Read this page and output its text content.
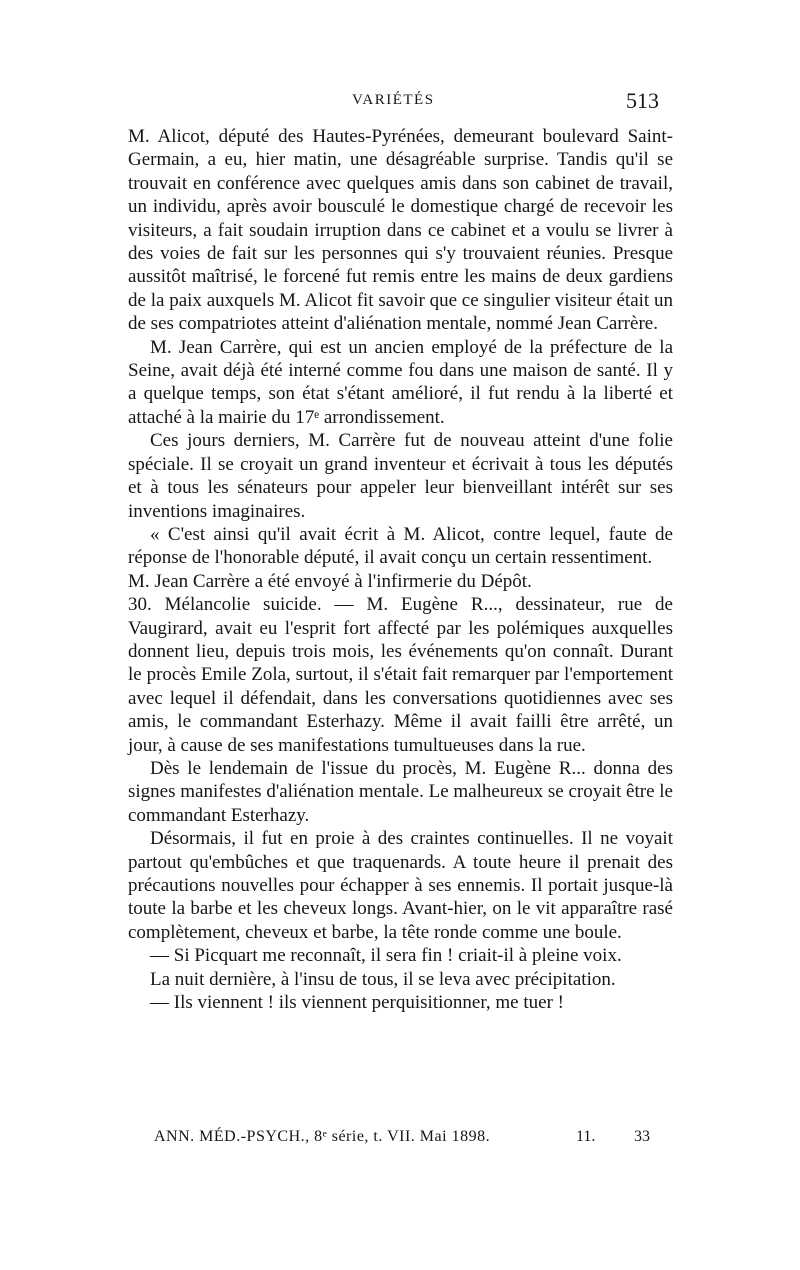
VARIÉTÉS	513

M. Alicot, député des Hautes-Pyrénées, demeurant boulevard Saint-Germain, a eu, hier matin, une désagréable surprise. Tandis qu'il se trouvait en conférence avec quelques amis dans son cabinet de travail, un individu, après avoir bousculé le domestique chargé de recevoir les visiteurs, a fait soudain irruption dans ce cabinet et a voulu se livrer à des voies de fait sur les personnes qui s'y trouvaient réunies. Presque aussitôt maîtrisé, le forcené fut remis entre les mains de deux gardiens de la paix auxquels M. Alicot fit savoir que ce singulier visiteur était un de ses compatriotes atteint d'aliénation mentale, nommé Jean Carrère.

M. Jean Carrère, qui est un ancien employé de la préfecture de la Seine, avait déjà été interné comme fou dans une maison de santé. Il y a quelque temps, son état s'étant amélioré, il fut rendu à la liberté et attaché à la mairie du 17ᵉ arrondissement.

Ces jours derniers, M. Carrère fut de nouveau atteint d'une folie spéciale. Il se croyait un grand inventeur et écrivait à tous les députés et à tous les sénateurs pour appeler leur bienveillant intérêt sur ses inventions imaginaires.

« C'est ainsi qu'il avait écrit à M. Alicot, contre lequel, faute de réponse de l'honorable député, il avait conçu un certain ressentiment.

M. Jean Carrère a été envoyé à l'infirmerie du Dépôt.

30. Mélancolie suicide. — M. Eugène R..., dessinateur, rue de Vaugirard, avait eu l'esprit fort affecté par les polémiques auxquelles donnent lieu, depuis trois mois, les événements qu'on connaît. Durant le procès Emile Zola, surtout, il s'était fait remarquer par l'emportement avec lequel il défendait, dans les conversations quotidiennes avec ses amis, le commandant Esterhazy. Même il avait failli être arrêté, un jour, à cause de ses manifestations tumultueuses dans la rue.

Dès le lendemain de l'issue du procès, M. Eugène R... donna des signes manifestes d'aliénation mentale. Le malheureux se croyait être le commandant Esterhazy.

Désormais, il fut en proie à des craintes continuelles. Il ne voyait partout qu'embûches et que traquenards. A toute heure il prenait des précautions nouvelles pour échapper à ses ennemis. Il portait jusque-là toute la barbe et les cheveux longs. Avant-hier, on le vit apparaître rasé complètement, cheveux et barbe, la tête ronde comme une boule.

— Si Picquart me reconnaît, il sera fin ! criait-il à pleine voix.

La nuit dernière, à l'insu de tous, il se leva avec précipitation.

— Ils viennent ! ils viennent perquisitionner, me tuer !

ANN. MÉD.-PSYCH., 8ᵉ série, t. VII. Mai 1898.	11. 33
